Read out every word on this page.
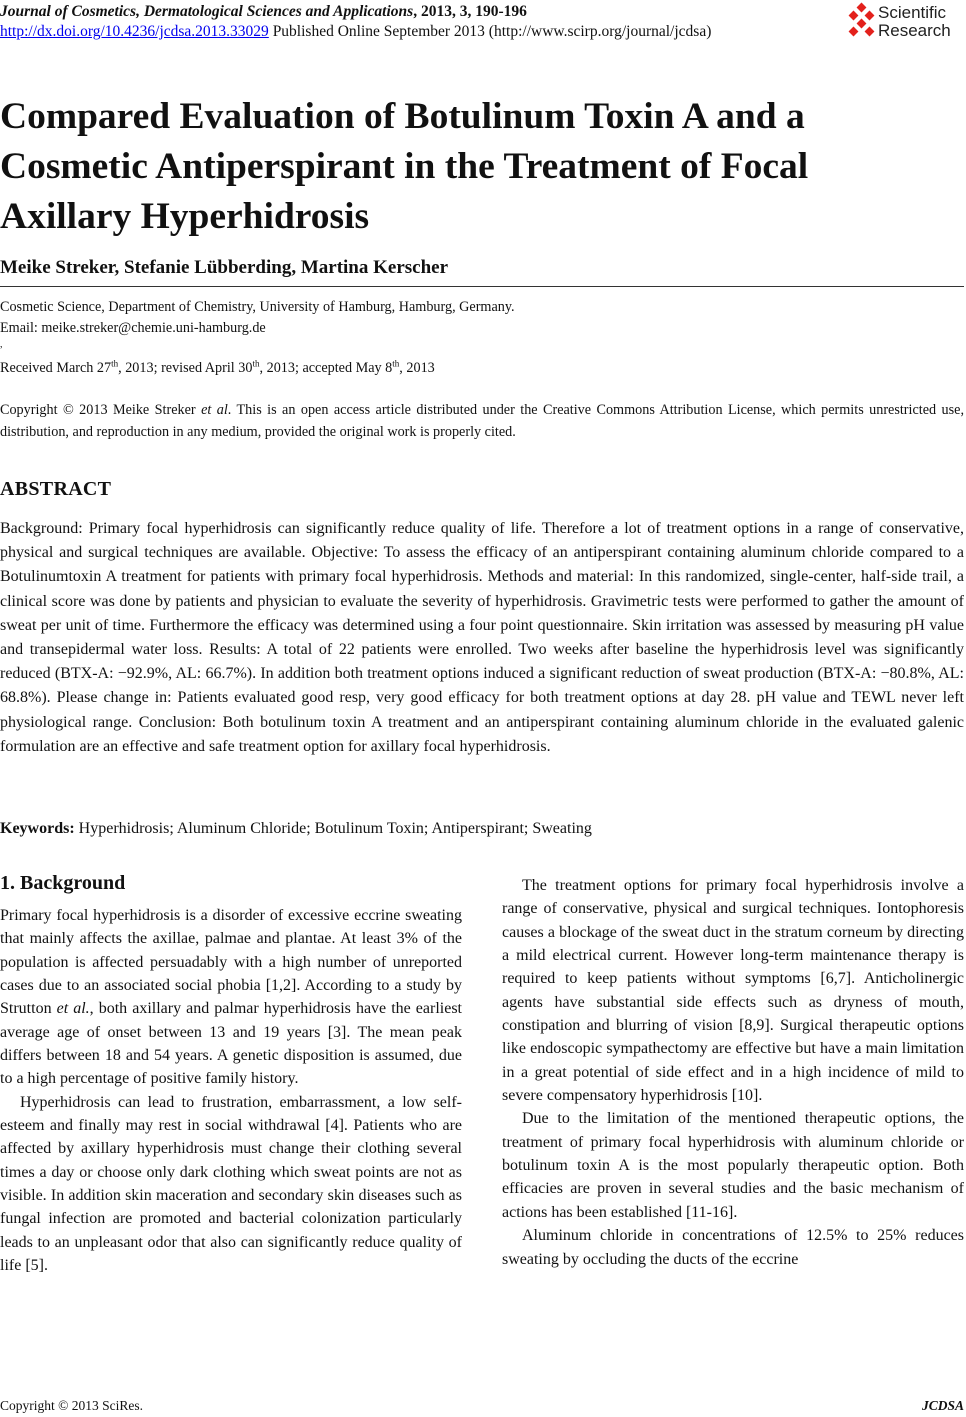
Journal of Cosmetics, Dermatological Sciences and Applications, 2013, 3, 190-196
http://dx.doi.org/10.4236/jcdsa.2013.33029 Published Online September 2013 (http://www.scirp.org/journal/jcdsa)
Scientific
Research
Compared Evaluation of Botulinum Toxin A and a Cosmetic Antiperspirant in the Treatment of Focal Axillary Hyperhidrosis
Meike Streker, Stefanie Lübberding, Martina Kerscher
Cosmetic Science, Department of Chemistry, University of Hamburg, Hamburg, Germany.
Email: meike.streker@chemie.uni-hamburg.de
,
Received March 27th, 2013; revised April 30th, 2013; accepted May 8th, 2013
Copyright © 2013 Meike Streker et al. This is an open access article distributed under the Creative Commons Attribution License, which permits unrestricted use, distribution, and reproduction in any medium, provided the original work is properly cited.
ABSTRACT
Background: Primary focal hyperhidrosis can significantly reduce quality of life. Therefore a lot of treatment options in a range of conservative, physical and surgical techniques are available. Objective: To assess the efficacy of an antiperspirant containing aluminum chloride compared to a Botulinumtoxin A treatment for patients with primary focal hyperhidrosis. Methods and material: In this randomized, single-center, half-side trail, a clinical score was done by patients and physician to evaluate the severity of hyperhidrosis. Gravimetric tests were performed to gather the amount of sweat per unit of time. Furthermore the efficacy was determined using a four point questionnaire. Skin irritation was assessed by measuring pH value and transepidermal water loss. Results: A total of 22 patients were enrolled. Two weeks after baseline the hyperhidrosis level was significantly reduced (BTX-A: −92.9%, AL: 66.7%). In addition both treatment options induced a significant reduction of sweat production (BTX-A: −80.8%, AL: 68.8%). Please change in: Patients evaluated good resp, very good efficacy for both treatment options at day 28. pH value and TEWL never left physiological range. Conclusion: Both botulinum toxin A treatment and an antiperspirant containing aluminum chloride in the evaluated galenic formulation are an effective and safe treatment option for axillary focal hyperhidrosis.
Keywords: Hyperhidrosis; Aluminum Chloride; Botulinum Toxin; Antiperspirant; Sweating
1. Background

Primary focal hyperhidrosis is a disorder of excessive eccrine sweating that mainly affects the axillae, palmae and plantae. At least 3% of the population is affected persuadably with a high number of unreported cases due to an associated social phobia [1,2]. According to a study by Strutton et al., both axillary and palmar hyperhidrosis have the earliest average age of onset between 13 and 19 years [3]. The mean peak differs between 18 and 54 years. A genetic disposition is assumed, due to a high percentage of positive family history.

Hyperhidrosis can lead to frustration, embarrassment, a low self-esteem and finally may rest in social withdrawal [4]. Patients who are affected by axillary hyperhidrosis must change their clothing several times a day or choose only dark clothing which sweat points are not as visible. In addition skin maceration and secondary skin diseases such as fungal infection are promoted and bacterial colonization particularly leads to an unpleasant odor that also can significantly reduce quality of life [5].

The treatment options for primary focal hyperhidrosis involve a range of conservative, physical and surgical techniques. Iontophoresis causes a blockage of the sweat duct in the stratum corneum by directing a mild electrical current. However long-term maintenance therapy is required to keep patients without symptoms [6,7]. Anticholinergic agents have substantial side effects such as dryness of mouth, constipation and blurring of vision [8,9]. Surgical therapeutic options like endoscopic sympathectomy are effective but have a main limitation in a great potential of side effect and in a high incidence of mild to severe compensatory hyperhidrosis [10].

Due to the limitation of the mentioned therapeutic options, the treatment of primary focal hyperhidrosis with aluminum chloride or botulinum toxin A is the most popularly therapeutic option. Both efficacies are proven in several studies and the basic mechanism of actions has been established [11-16].

Aluminum chloride in concentrations of 12.5% to 25% reduces sweating by occluding the ducts of the eccrine

Copyright © 2013 SciRes.	JCDSA
